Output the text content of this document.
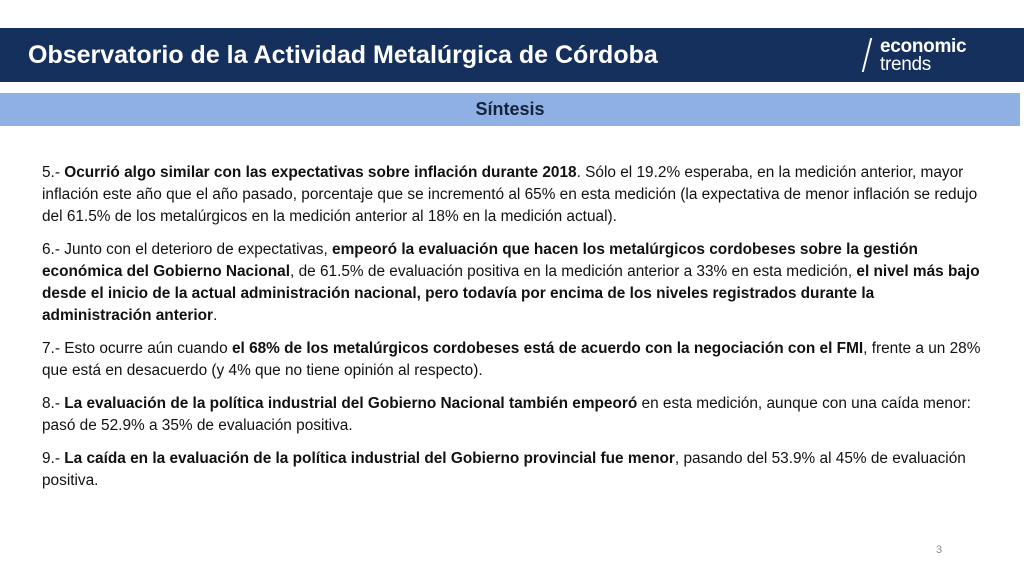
Observatorio de la Actividad Metalúrgica de Córdoba	economic
trends
Síntesis

5.- Ocurrió algo similar con las expectativas sobre inflación durante 2018. Sólo el 19.2% esperaba, en la medición anterior, mayor inflación este año que el año pasado, porcentaje que se incrementó al 65% en esta medición (la expectativa de menor inflación se redujo del 61.5% de los metalúrgicos en la medición anterior al 18% en la medición actual).

6.- Junto con el deterioro de expectativas, empeoró la evaluación que hacen los metalúrgicos cordobeses sobre la gestión económica del Gobierno Nacional, de 61.5% de evaluación positiva en la medición anterior a 33% en esta medición, el nivel más bajo desde el inicio de la actual administración nacional, pero todavía por encima de los niveles registrados durante la administración anterior.

7.- Esto ocurre aún cuando el 68% de los metalúrgicos cordobeses está de acuerdo con la negociación con el FMI, frente a un 28% que está en desacuerdo (y 4% que no tiene opinión al respecto).

8.- La evaluación de la política industrial del Gobierno Nacional también empeoró en esta medición, aunque con una caída menor: pasó de 52.9% a 35% de evaluación positiva.

9.- La caída en la evaluación de la política industrial del Gobierno provincial fue menor, pasando del 53.9% al 45% de evaluación positiva.

3
